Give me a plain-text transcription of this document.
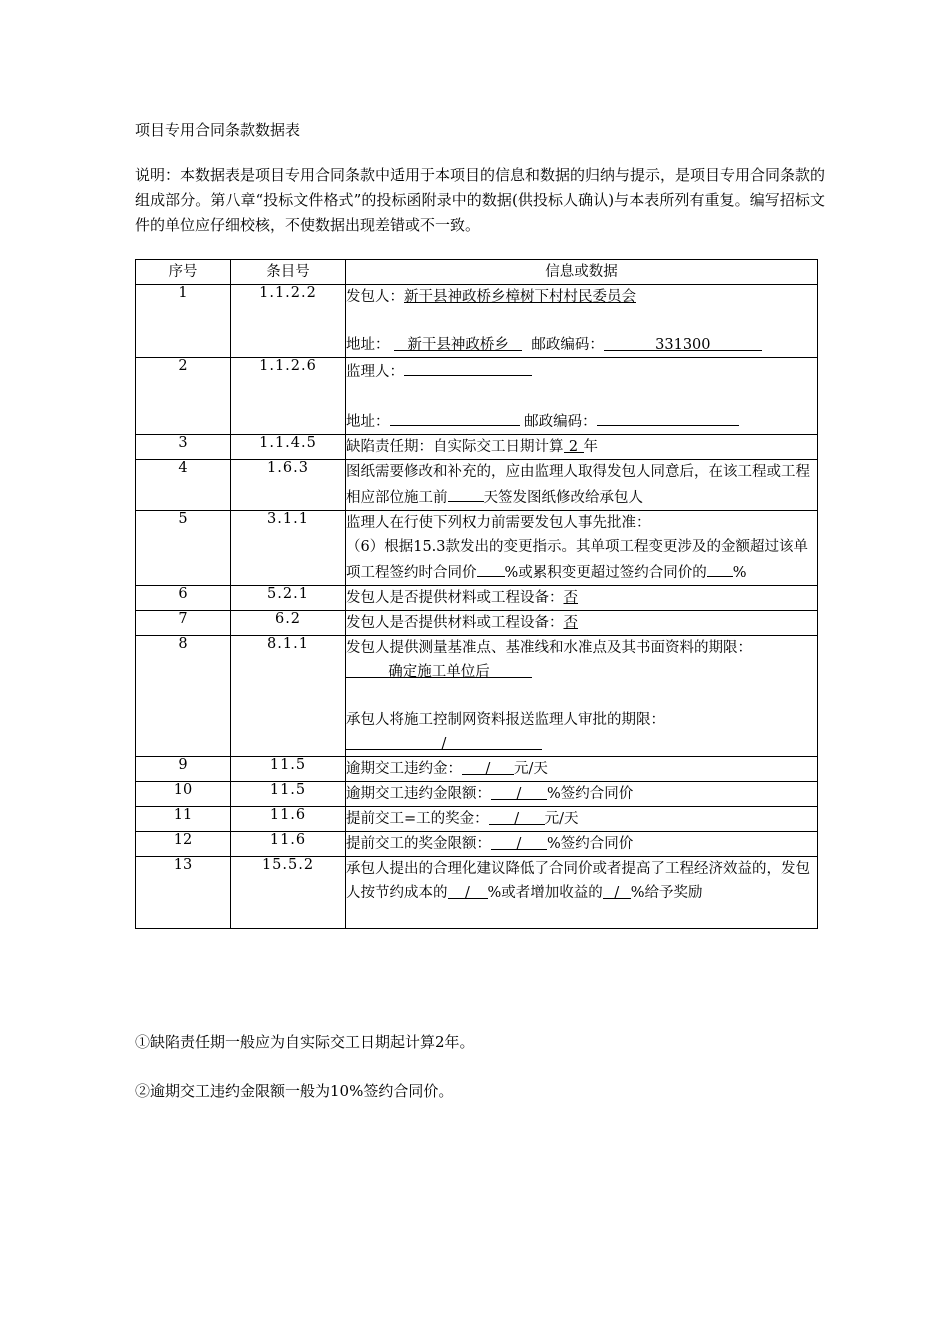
项目专用合同条款数据表
说明：本数据表是项目专用合同条款中适用于本项目的信息和数据的归纳与提示，是项目专用合同条款的组成部分。第八章“投标文件格式”的投标函附录中的数据(供投标人确认)与本表所列有重复。编写招标文件的单位应仔细校核，不使数据出现差错或不一致。
序号	条目号	信息或数据
1	1.1.2.2	发包人：新干县神政桥乡樟树下村村民委员会
地址： 新干县神政桥乡 邮政编码： 331300

2	1.1.2.6	监理人：
地址： 邮政编码：

3	1.1.4.5	缺陷责任期：自实际交工日期计算 2 年
4	1.6.3	图纸需要修改和补充的，应由监理人取得发包人同意后，在该工程或工程相应部位施工前 天签发图纸修改给承包人
5	3.1.1	监理人在行使下列权力前需要发包人事先批准：
（6）根据15.3款发出的变更指示。其单项工程变更涉及的金额超过该单项工程签约时合同价 %或累积变更超过签约合同价的 %

6	5.2.1	发包人是否提供材料或工程设备：否
7	6.2	发包人是否提供材料或工程设备：否
8	8.1.1	发包人提供测量基准点、基准线和水准点及其书面资料的期限：确定施工单位后
承包人将施工控制网资料报送监理人审批的期限：/

9	11.5	逾期交工违约金： / 元/天
10	11.5	逾期交工违约金限额： / %签约合同价
11	11.6	提前交工=工的奖金： / 元/天
12	11.6	提前交工的奖金限额： / %签约合同价
13	15.5.2	承包人提出的合理化建议降低了合同价或者提高了工程经济效益的，发包人按节约成本的 / %或者增加收益的 / %给予奖励
①缺陷责任期一般应为自实际交工日期起计算2年。
②逾期交工违约金限额一般为10%签约合同价。
